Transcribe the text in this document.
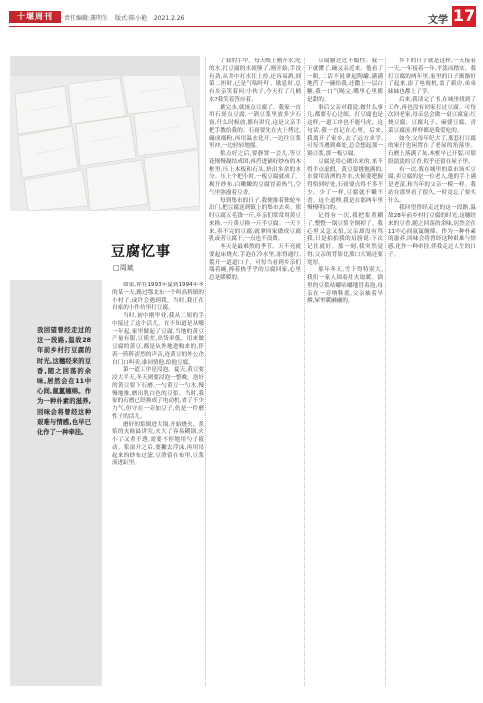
十堰周刊	责任编辑:龚明生 版式:陈小艳 2021.2.26	文学 17
豆腐忆事
□周斌
我回望曾经走过的这一段路,温故28年前乡村打豆腐的时光,这穗经来的豆香,随之回荡的余味,居然会在11中心间,氤氲缠绵。作为一种朴素的滋养,回味会将曾经这种艰难与情感,也早已化作了一种牵挂。

如果,你在1993年夏到1994年冬的某一天,路过鄂北东一个叫高桥镇的小村子,或许会遇到我。当时,我正在自家的小作坊里打豆腐。

当时,初中刚毕业,我从二姐的手中接过了这个活儿。在不知道是从哪一年起,家里做起了豆腐,当地的黄豆产量有限,豆质差,出货率低。用来做豆腐的黄豆,都是从外地进购来的,伴着一阵阵涩烈的声音,连黄豆的外公企自门口叫卖,谁同情他,给他豆腐。

第一道工序是浸泡。夏天,黄豆要浸大半天,冬天则要浸泡一整晚。泡好的黄豆要下石磨,一勺黄豆一勺水,慢慢地推,磨出乳白色的豆浆。当时,我家的石磨已经换成了电动机,省了不少力气,但守在一旁加豆子,仍是一件磨性子的活儿。

磨好的浆倒进大锅,开始烧火。煮浆的火候最讲究,火大了容易糊锅,火小了又煮不透,需要不停地用勺子搅动。浆滚开之后,要撇去浮沫,再用吊起来的纱布过滤,豆渣留在布里,豆浆流进缸里。

了我的手中。每天晚上刚开水,吃的水,打豆腐的水就够了,刚开始,手没有劲,从井中打水往上拎,还容易洒,到第二担时,已是气喘吁吁。歇息时,总有乡亲笑着问:小伙子,今天打了几桶水?我笑着答应着。

挑完水,就该点豆腐了。我家一直用石膏点豆腐,一锅豆浆里放多少石膏,什么时候放,都有讲究,这是父亲手把手教给我的。石膏要先在火上烤过,碾成细粉,再用温水化开,一边往豆浆里冲,一边轻轻地搅。

浆点好之后,要静置一会儿,等豆花慢慢凝结成团,再舀进铺好纱布的木框里,压上木板和石头,挤出多余的水分。压上个把小时,一板豆腐就成了。揭开纱布,白嫩嫩的豆腐冒着热气,空气里弥漫着豆香。

每到集市的日子,我便推着独轮车出门,把豆腐送到镇上的集市去卖。那时豆腐五毛钱一斤,乡亲们常常用黄豆来换,一斤黄豆换一斤半豆腐。一天下来,卖不完的豆腐,就拿回家做成豆腐乳或者豆腐干,一点也不浪费。

冬天是最难熬的季节。天不亮就要起床烧火,手泡在冷水里,冻得通红,裂开一道道口子。可每当看到乡亲们端着碗,捧着热乎乎的豆腐回家,心里总是暖暖的。

豆腐脑过过不瘾性。我一下就懂了,碗又亲近来。他看了一眼,二话不说拿起陶罐,满满地舀了一碗给我,还撒上一层白糖,我一口气喝完,嘴里心里都是甜的。

事后父亲对我说,做什么事儿,都要专心过细。打豆腐也是这样,一道工序也不能马虎。这句话,我一直记在心里。后来,我离开了家乡,去了远方求学,可每当遇到难处,总会想起那一锅豆浆,那一板豆腐。

豆腐是用心做出来的,来不得半点虚假。黄豆要挑饱满的,水要用清冽的井水,火候要把握得恰到好处,石膏要点得不多不少。少了一样,豆腐就不嫩不香。这个道理,我是在那两年里慢慢明白的。

记得有一次,我把浆煮糊了,整整一锅豆浆全倒掉了。我心里又急又怕,父亲却没有骂我,只是拍拍我的肩膀说:下次记住就好。那一刻,我突然觉得,父亲的背影比那口大锅还要宽厚。

那年冬天,雪下得特别大,我们一家人围着灶火取暖。锅里的豆浆咕嘟咕嘟地冒着泡,母亲在一旁纳鞋底,父亲抽着旱烟,屋里暖融融的。

乡下的日子就是这样,一天接着一天,一年接着一年,平淡而踏实。我打豆腐的两年里,家里的日子渐渐好了起来,添了电视机,盖了新房,弟弟妹妹也都上了学。

后来,我读完了书,在城里找到了工作,再也没有回家打过豆腐。可每次回老家,母亲总会做一桌豆腐宴:红烧豆腐、豆腐丸子、麻婆豆腐、青菜豆腐汤,样样都是我爱吃的。

如今,父母年纪大了,那套打豆腐的家什也闲置在了老屋的角落里。石磨上落满了灰,木框早已开裂,可那股淡淡的豆香,似乎还留在屋子里。

有一次,我在城里的菜市场买豆腐,卖豆腐的是一位老人,他的手上满是老茧,和当年的父亲一模一样。我站在那里看了很久,一时竟忘了要买什么。

我回望曾经走过的这一段路,温故28年前乡村打豆腐的时光,这穗经来的豆香,随之回荡的余味,居然会在11中心间氤氲缠绵。作为一种朴素的滋养,回味会将曾经这种艰难与情感,化作一种牵挂,伴我走过人生的日子。
